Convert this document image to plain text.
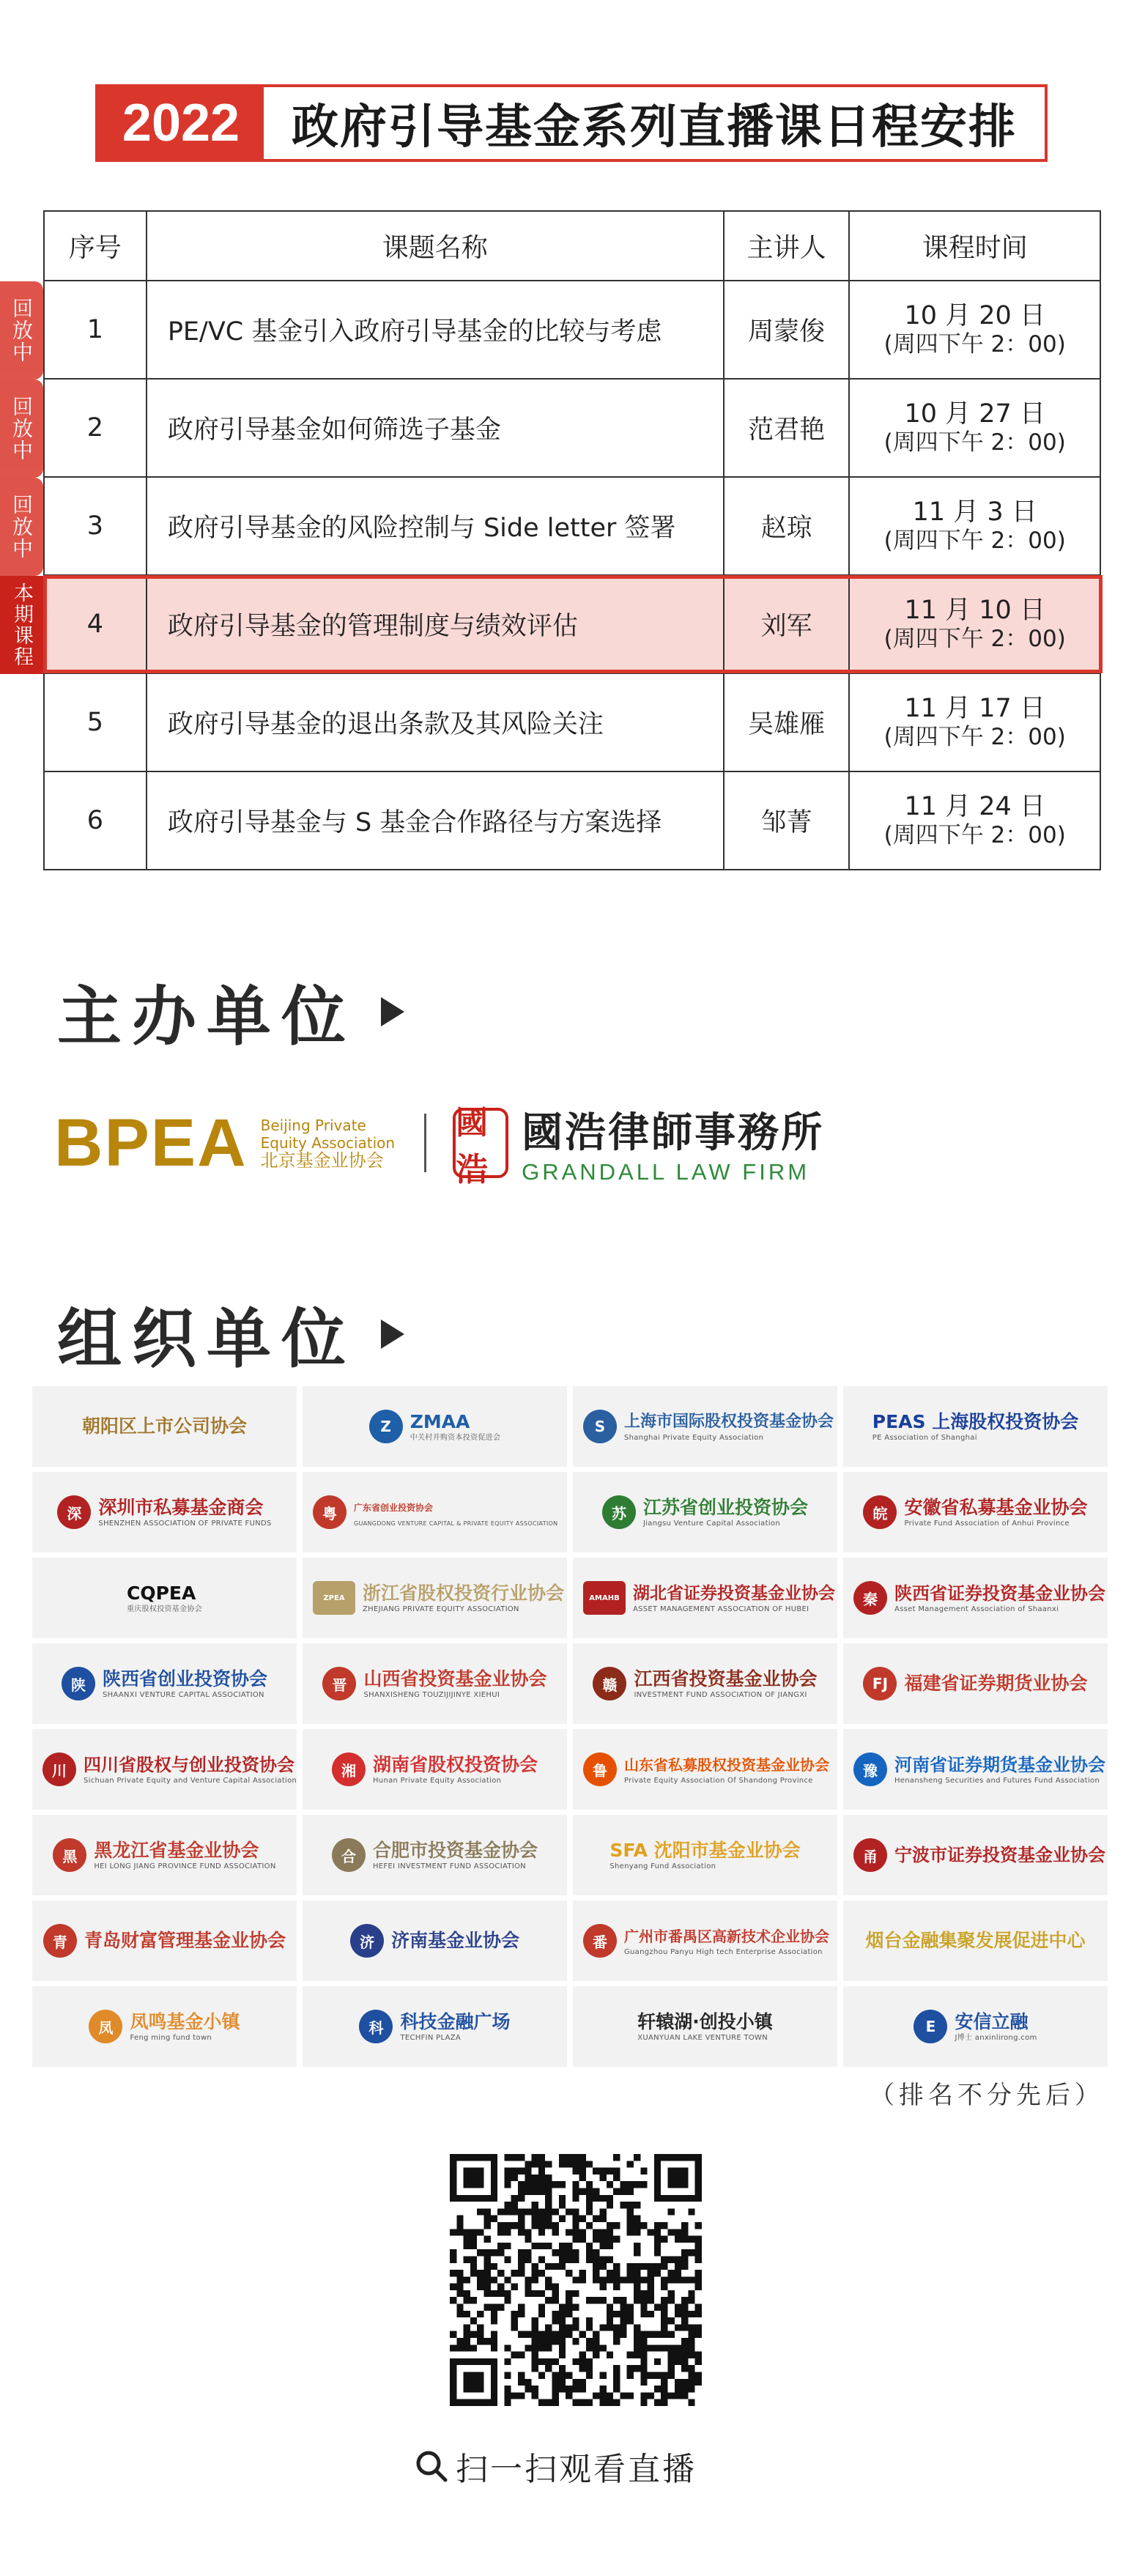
2022	政府引导基金系列直播课日程安排
回放中
回放中
回放中
本期课程
序号	课题名称	主讲人	课程时间
1	PE/VC 基金引入政府引导基金的比较与考虑	周蒙俊	10 月 20 日
(周四下午 2：00)

2	政府引导基金如何筛选子基金	范君艳	10 月 27 日
(周四下午 2：00)

3	政府引导基金的风险控制与 Side letter 签署	赵琼	11 月 3 日
(周四下午 2：00)

4	政府引导基金的管理制度与绩效评估	刘军	11 月 10 日
(周四下午 2：00)

5	政府引导基金的退出条款及其风险关注	吴雄雁	11 月 17 日
(周四下午 2：00)

6	政府引导基金与 S 基金合作路径与方案选择	邹菁	11 月 24 日
(周四下午 2：00)
主办单位
BPEA Beijing Private
Equity Association
北京基金业协会
國浩
國浩律師事務所
GRANDALL LAW FIRM
组织单位
朝阳区上市公司协会	Z	ZMAA
中关村并购资本投资促进会
S	上海市国际股权投资基金协会
Shanghai Private Equity Association
PEAS 上海股权投资协会
PE Association of Shanghai
深 深圳市私募基金商会
SHENZHEN ASSOCIATION OF PRIVATE FUNDS
粤	广东省创业投资协会
GUANGDONG VENTURE CAPITAL & PRIVATE EQUITY ASSOCIATION
苏 江苏省创业投资协会
Jiangsu Venture Capital Association
皖 安徽省私募基金业协会
Private Fund Association of Anhui Province
CQPEA
重庆股权投资基金协会
ZPEA 浙江省股权投资行业协会
ZHEJIANG PRIVATE EQUITY ASSOCIATION
AMAHB 湖北省证券投资基金业协会
ASSET MANAGEMENT ASSOCIATION OF HUBEI
秦 陕西省证券投资基金业协会
Asset Management Association of Shaanxi
陕 陕西省创业投资协会
SHAANXI VENTURE CAPITAL ASSOCIATION
晋 山西省投资基金业协会
SHANXISHENG TOUZIJIJINYE XIEHUI
赣 江西省投资基金业协会
INVESTMENT FUND ASSOCIATION OF JIANGXI
FJ 福建省证券期货业协会
川 四川省股权与创业投资协会
Sichuan Private Equity and Venture Capital Association
湘 湖南省股权投资协会
Hunan Private Equity Association
鲁	山东省私募股权投资基金业协会
Private Equity Association Of Shandong Province
豫 河南省证券期货基金业协会
Henansheng Securities and Futures Fund Association
黑 黑龙江省基金业协会
HEI LONG JIANG PROVINCE FUND ASSOCIATION
合 合肥市投资基金协会
HEFEI INVESTMENT FUND ASSOCIATION
SFA 沈阳市基金业协会
Shenyang Fund Association
甬 宁波市证券投资基金业协会
青 青岛财富管理基金业协会	济 济南基金业协会	番	广州市番禺区高新技术企业协会
Guangzhou Panyu High tech Enterprise Association
烟台金融集聚发展促进中心
凤 凤鸣基金小镇
Feng ming fund town
科 科技金融广场
TECHFIN PLAZA
轩辕湖·创投小镇
XUANYUAN LAKE VENTURE TOWN
E	安信立融
J博士 anxinlirong.com
（排名不分先后）
扫一扫观看直播
